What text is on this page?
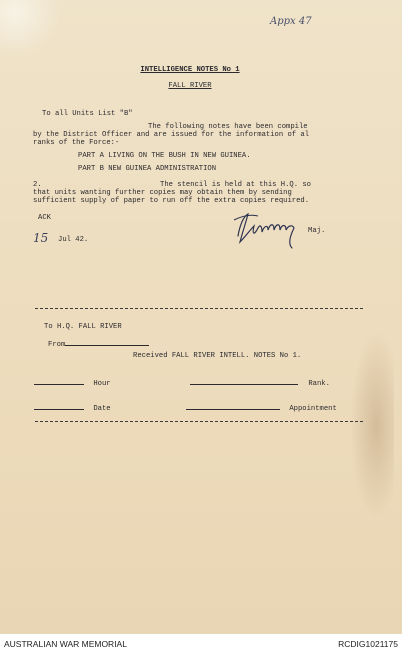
Appx 47
INTELLIGENCE NOTES No 1
FALL RIVER
To all Units List "B"
The following notes have been compile
by the District Officer and are issued for the information of al
ranks of the Force:-
PART A LIVING ON THE BUSH IN NEW GUINEA.
PART B NEW GUINEA ADMINISTRATION
2.	The stencil is held at this H.Q. so
that units wanting further copies may obtain them by sending
sufficient supply of paper to run off the extra copies required.
ACK
15 Jul 42.
Maj.
To H.Q. FALL RIVER
From
Received FALL RIVER INTELL. NOTES No 1.
Hour	Rank.
Date	Appointment
AUSTRALIAN WAR MEMORIAL	RCDIG1021175
